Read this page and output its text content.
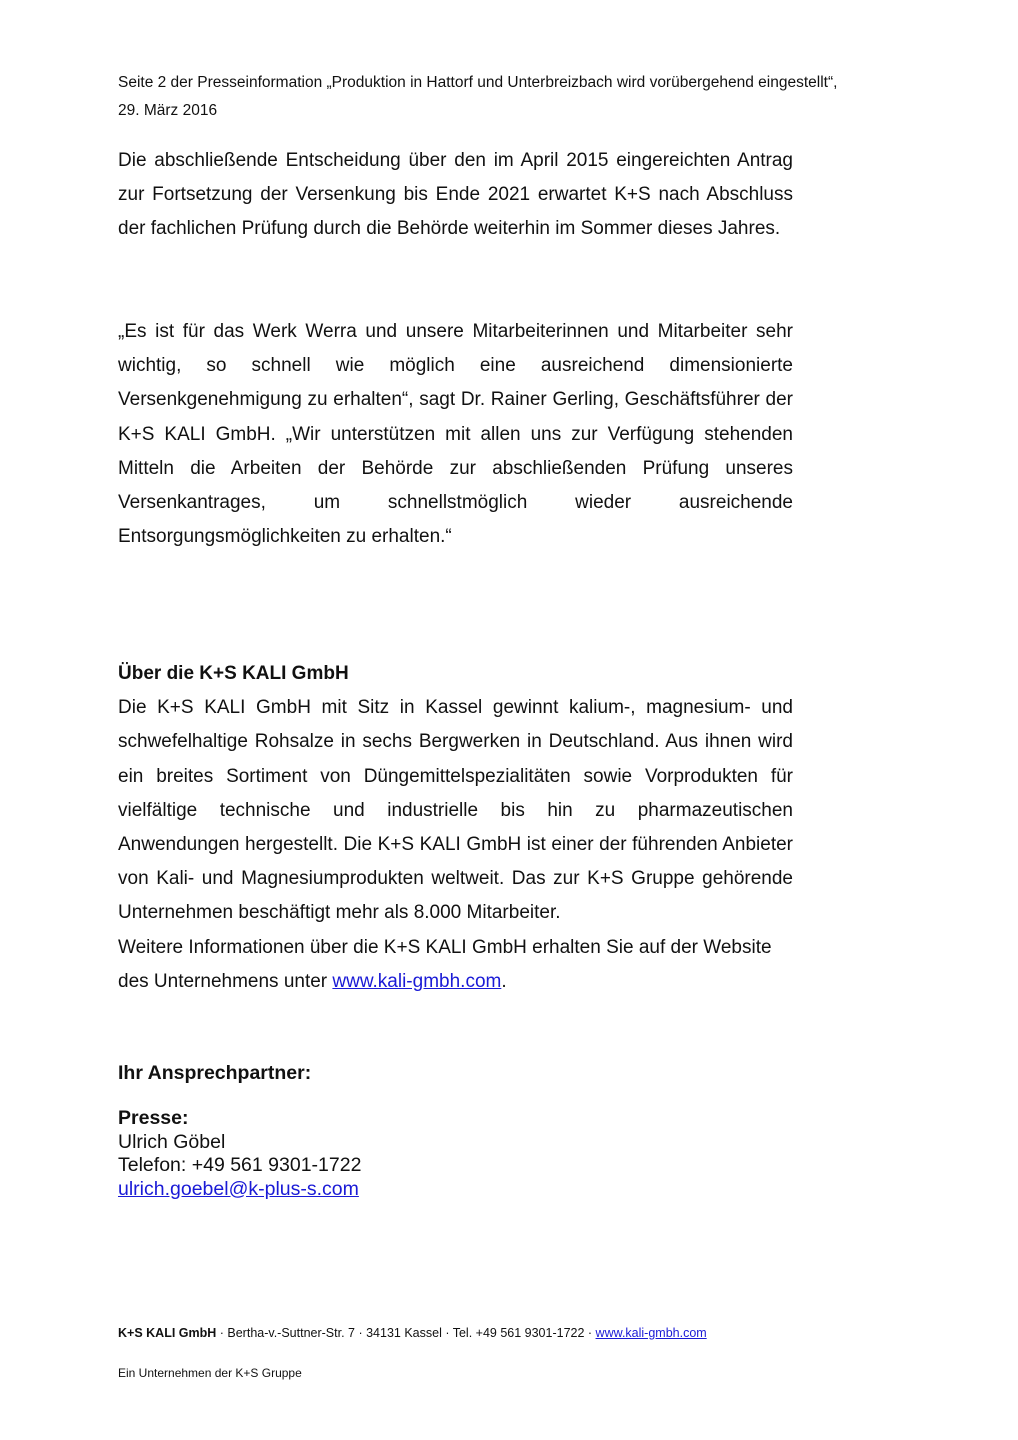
Seite 2 der Presseinformation „Produktion in Hattorf und Unterbreizbach wird vorübergehend eingestellt“,
29. März 2016

Die abschließende Entscheidung über den im April 2015 eingereichten Antrag zur Fortsetzung der Versenkung bis Ende 2021 erwartet K+S nach Abschluss der fachlichen Prüfung durch die Behörde weiterhin im Sommer dieses Jahres.

„Es ist für das Werk Werra und unsere Mitarbeiterinnen und Mitarbeiter sehr wichtig, so schnell wie möglich eine ausreichend dimensionierte Versenkgenehmigung zu erhalten“, sagt Dr. Rainer Gerling, Geschäftsführer der K+S KALI GmbH. „Wir unterstützen mit allen uns zur Verfügung stehenden Mitteln die Arbeiten der Behörde zur abschließenden Prüfung unseres Versenkantrages, um schnellstmöglich wieder ausreichende Entsorgungsmöglichkeiten zu erhalten.“

Über die K+S KALI GmbH

Die K+S KALI GmbH mit Sitz in Kassel gewinnt kalium-, magnesium- und schwefelhaltige Rohsalze in sechs Bergwerken in Deutschland. Aus ihnen wird ein breites Sortiment von Düngemittelspezialitäten sowie Vorprodukten für vielfältige technische und industrielle bis hin zu pharmazeutischen Anwendungen hergestellt. Die K+S KALI GmbH ist einer der führenden Anbieter von Kali- und Magnesiumprodukten weltweit. Das zur K+S Gruppe gehörende Unternehmen beschäftigt mehr als 8.000 Mitarbeiter.

Weitere Informationen über die K+S KALI GmbH erhalten Sie auf der Website des Unternehmens unter www.kali-gmbh.com.

Ihr Ansprechpartner:
Presse:
Ulrich Göbel
Telefon: +49 561 9301-1722
ulrich.goebel@k-plus-s.com
K+S KALI GmbH · Bertha-v.-Suttner-Str. 7 · 34131 Kassel · Tel. +49 561 9301-1722 · www.kali-gmbh.com
Ein Unternehmen der K+S Gruppe
